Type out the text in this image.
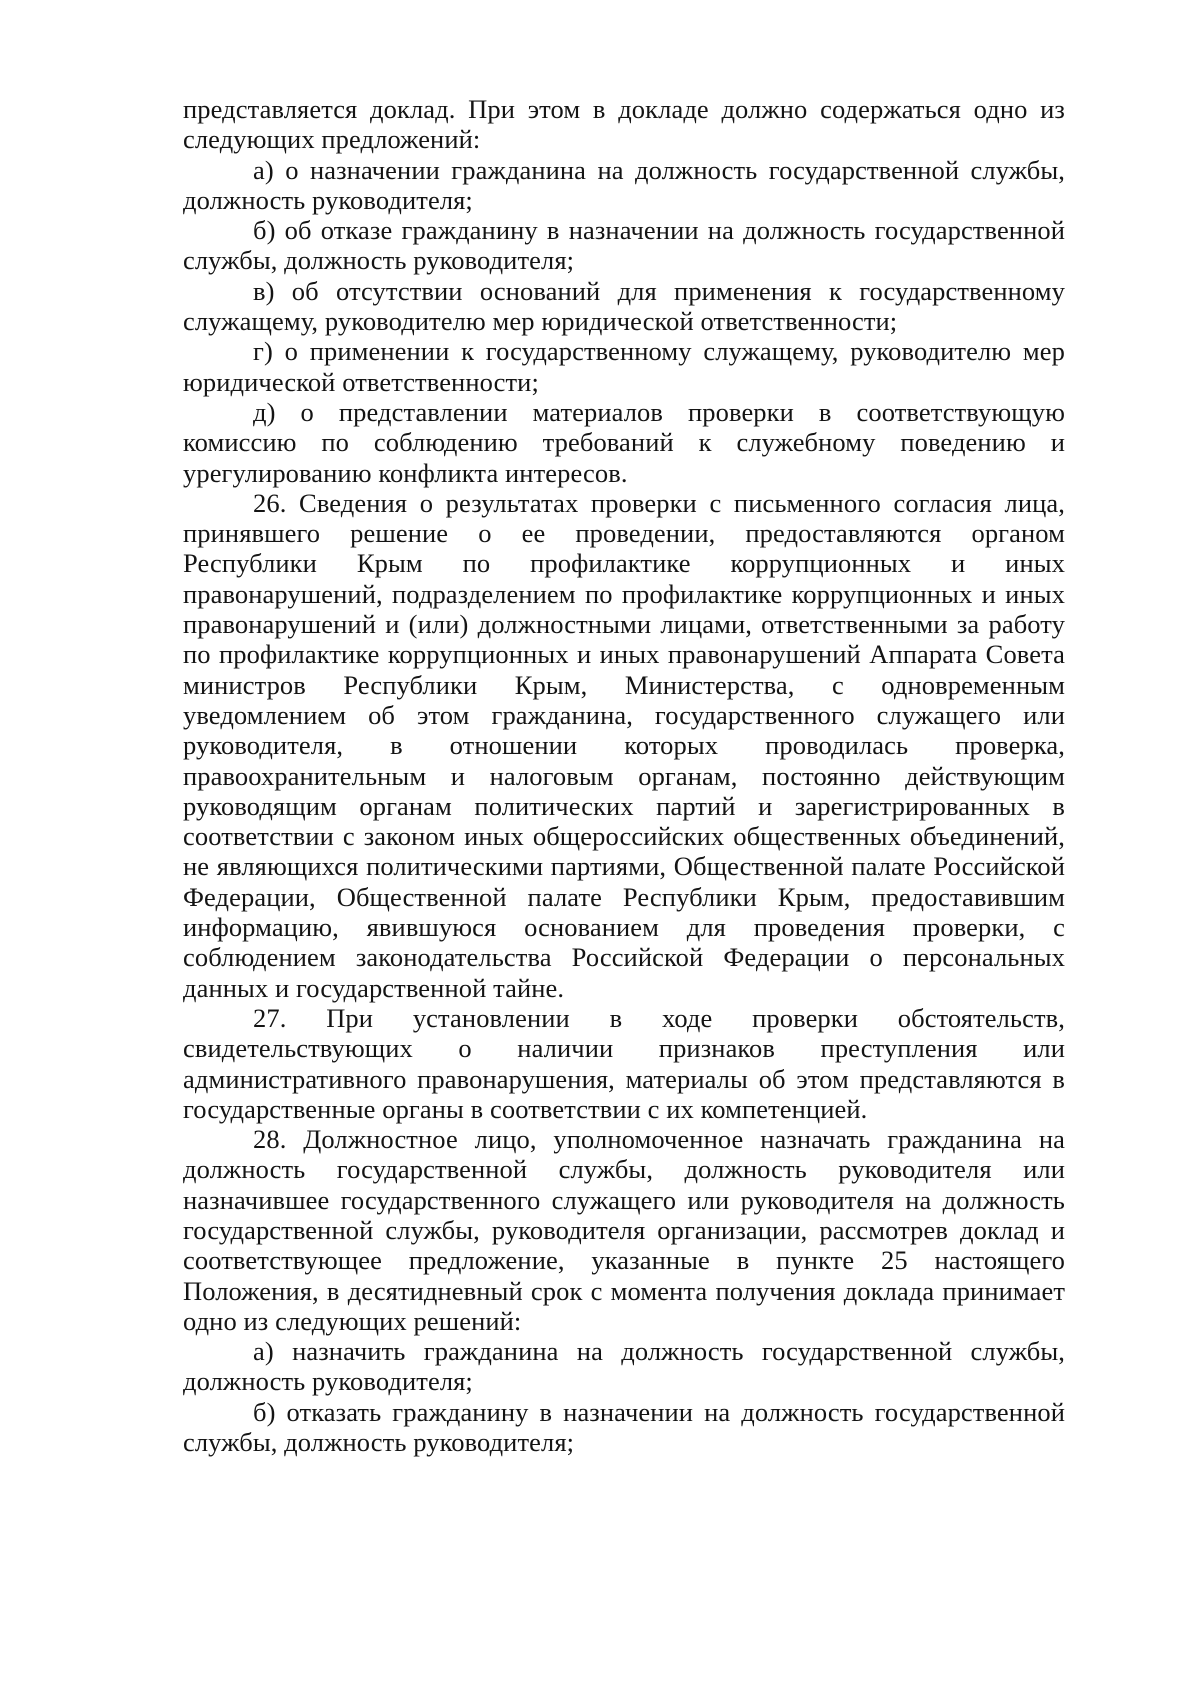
представляется доклад. При этом в докладе должно содержаться одно из следующих предложений:

а) о назначении гражданина на должность государственной службы, должность руководителя;

б) об отказе гражданину в назначении на должность государственной службы, должность руководителя;

в) об отсутствии оснований для применения к государственному служащему, руководителю мер юридической ответственности;

г) о применении к государственному служащему, руководителю мер юридической ответственности;

д) о представлении материалов проверки в соответствующую комиссию по соблюдению требований к служебному поведению и урегулированию конфликта интересов.

26. Сведения о результатах проверки с письменного согласия лица, принявшего решение о ее проведении, предоставляются органом Республики Крым по профилактике коррупционных и иных правонарушений, подразделением по профилактике коррупционных и иных правонарушений и (или) должностными лицами, ответственными за работу по профилактике коррупционных и иных правонарушений Аппарата Совета министров Республики Крым, Министерства, с одновременным уведомлением об этом гражданина, государственного служащего или руководителя, в отношении которых проводилась проверка, правоохранительным и налоговым органам, постоянно действующим руководящим органам политических партий и зарегистрированных в соответствии с законом иных общероссийских общественных объединений, не являющихся политическими партиями, Общественной палате Российской Федерации, Общественной палате Республики Крым, предоставившим информацию, явившуюся основанием для проведения проверки, с соблюдением законодательства Российской Федерации о персональных данных и государственной тайне.

27. При установлении в ходе проверки обстоятельств, свидетельствующих о наличии признаков преступления или административного правонарушения, материалы об этом представляются в государственные органы в соответствии с их компетенцией.

28. Должностное лицо, уполномоченное назначать гражданина на должность государственной службы, должность руководителя или назначившее государственного служащего или руководителя на должность государственной службы, руководителя организации, рассмотрев доклад и соответствующее предложение, указанные в пункте 25 настоящего Положения, в десятидневный срок с момента получения доклада принимает одно из следующих решений:

а) назначить гражданина на должность государственной службы, должность руководителя;

б) отказать гражданину в назначении на должность государственной службы, должность руководителя;
